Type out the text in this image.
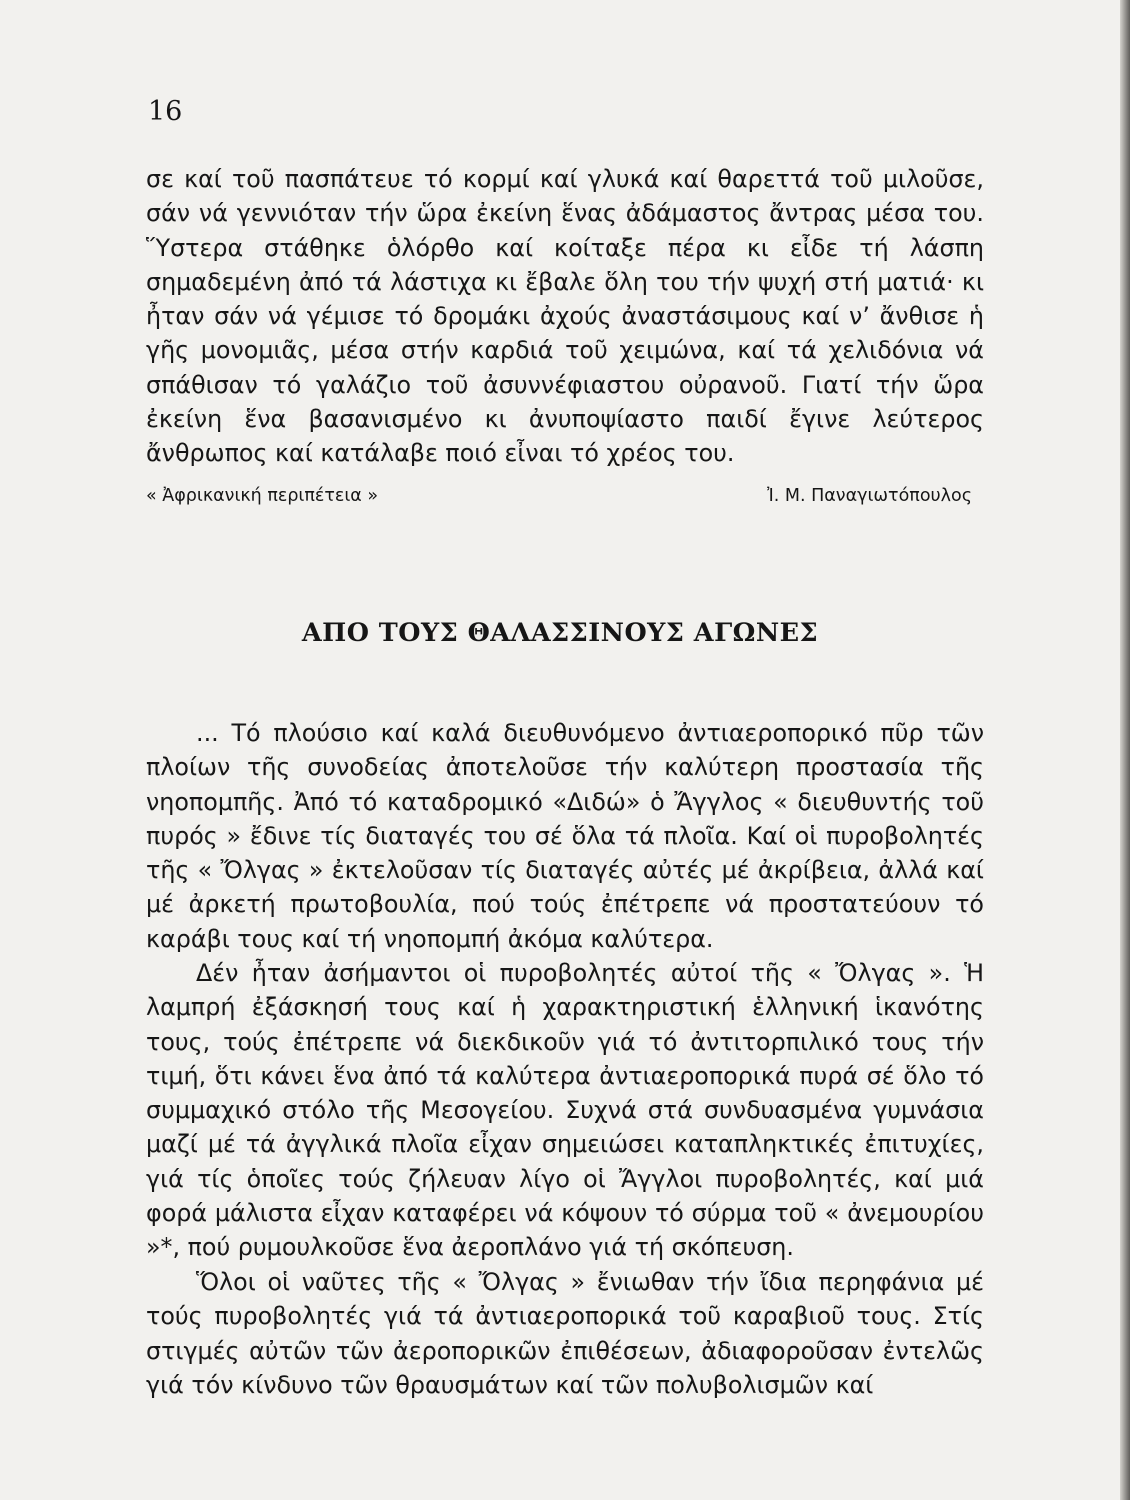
16

σε καί τοῦ πασπάτευε τό κορμί καί γλυκά καί θαρεττά τοῦ μιλοῦσε, σάν νά γεννιόταν τήν ὥρα ἐκείνη ἕνας ἀδάμαστος ἄντρας μέσα του. Ὕστερα στάθηκε ὁλόρθο καί κοίταξε πέρα κι εἶδε τή λάσπη σημαδεμένη ἀπό τά λάστιχα κι ἔβαλε ὅλη του τήν ψυχή στή ματιά· κι ἦταν σάν νά γέμισε τό δρομάκι ἀχούς ἀναστάσιμους καί ν’ ἄνθισε ἡ γῆς μονομιᾶς, μέσα στήν καρδιά τοῦ χειμώνα, καί τά χελιδόνια νά σπάθισαν τό γαλάζιο τοῦ ἀσυννέφιαστου οὐρανοῦ. Γιατί τήν ὥρα ἐκείνη ἕνα βασανισμένο κι ἀνυποψίαστο παιδί ἔγινε λεύτερος ἄνθρωπος καί κατάλαβε ποιό εἶναι τό χρέος του.

« Ἀφρικανική περιπέτεια »	Ἰ. Μ. Παναγιωτόπουλος
ΑΠΟ ΤΟΥΣ ΘΑΛΑΣΣΙΝΟΥΣ ΑΓΩΝΕΣ

... Τό πλούσιο καί καλά διευθυνόμενο ἀντιαεροπορικό πῦρ τῶν πλοίων τῆς συνοδείας ἀποτελοῦσε τήν καλύτερη προστασία τῆς νηοπομπῆς. Ἀπό τό καταδρομικό «Διδώ» ὁ Ἄγγλος « διευθυντής τοῦ πυρός » ἔδινε τίς διαταγές του σέ ὅλα τά πλοῖα. Καί οἱ πυροβολητές τῆς « Ὄλγας » ἐκτελοῦσαν τίς διαταγές αὐτές μέ ἀκρίβεια, ἀλλά καί μέ ἀρκετή πρωτοβουλία, πού τούς ἐπέτρεπε νά προστατεύουν τό καράβι τους καί τή νηοπομπή ἀκόμα καλύτερα.

Δέν ἦταν ἀσήμαντοι οἱ πυροβολητές αὐτοί τῆς « Ὄλγας ». Ἡ λαμπρή ἐξάσκησή τους καί ἡ χαρακτηριστική ἑλληνική ἱκανότης τους, τούς ἐπέτρεπε νά διεκδικοῦν γιά τό ἀντιτορπιλικό τους τήν τιμή, ὅτι κάνει ἕνα ἀπό τά καλύτερα ἀντιαεροπορικά πυρά σέ ὅλο τό συμμαχικό στόλο τῆς Μεσογείου. Συχνά στά συνδυασμένα γυμνάσια μαζί μέ τά ἀγγλικά πλοῖα εἶχαν σημειώσει καταπληκτικές ἐπιτυχίες, γιά τίς ὁποῖες τούς ζήλευαν λίγο οἱ Ἄγγλοι πυροβολητές, καί μιά φορά μάλιστα εἶχαν καταφέρει νά κόψουν τό σύρμα τοῦ « ἀνεμουρίου »*, πού ρυμουλκοῦσε ἕνα ἀεροπλάνο γιά τή σκόπευση.

Ὅλοι οἱ ναῦτες τῆς « Ὄλγας » ἔνιωθαν τήν ἴδια περηφάνια μέ τούς πυροβολητές γιά τά ἀντιαεροπορικά τοῦ καραβιοῦ τους. Στίς στιγμές αὐτῶν τῶν ἀεροπορικῶν ἐπιθέσεων, ἀδιαφοροῦσαν ἐντελῶς γιά τόν κίνδυνο τῶν θραυσμάτων καί τῶν πολυβολισμῶν καί
